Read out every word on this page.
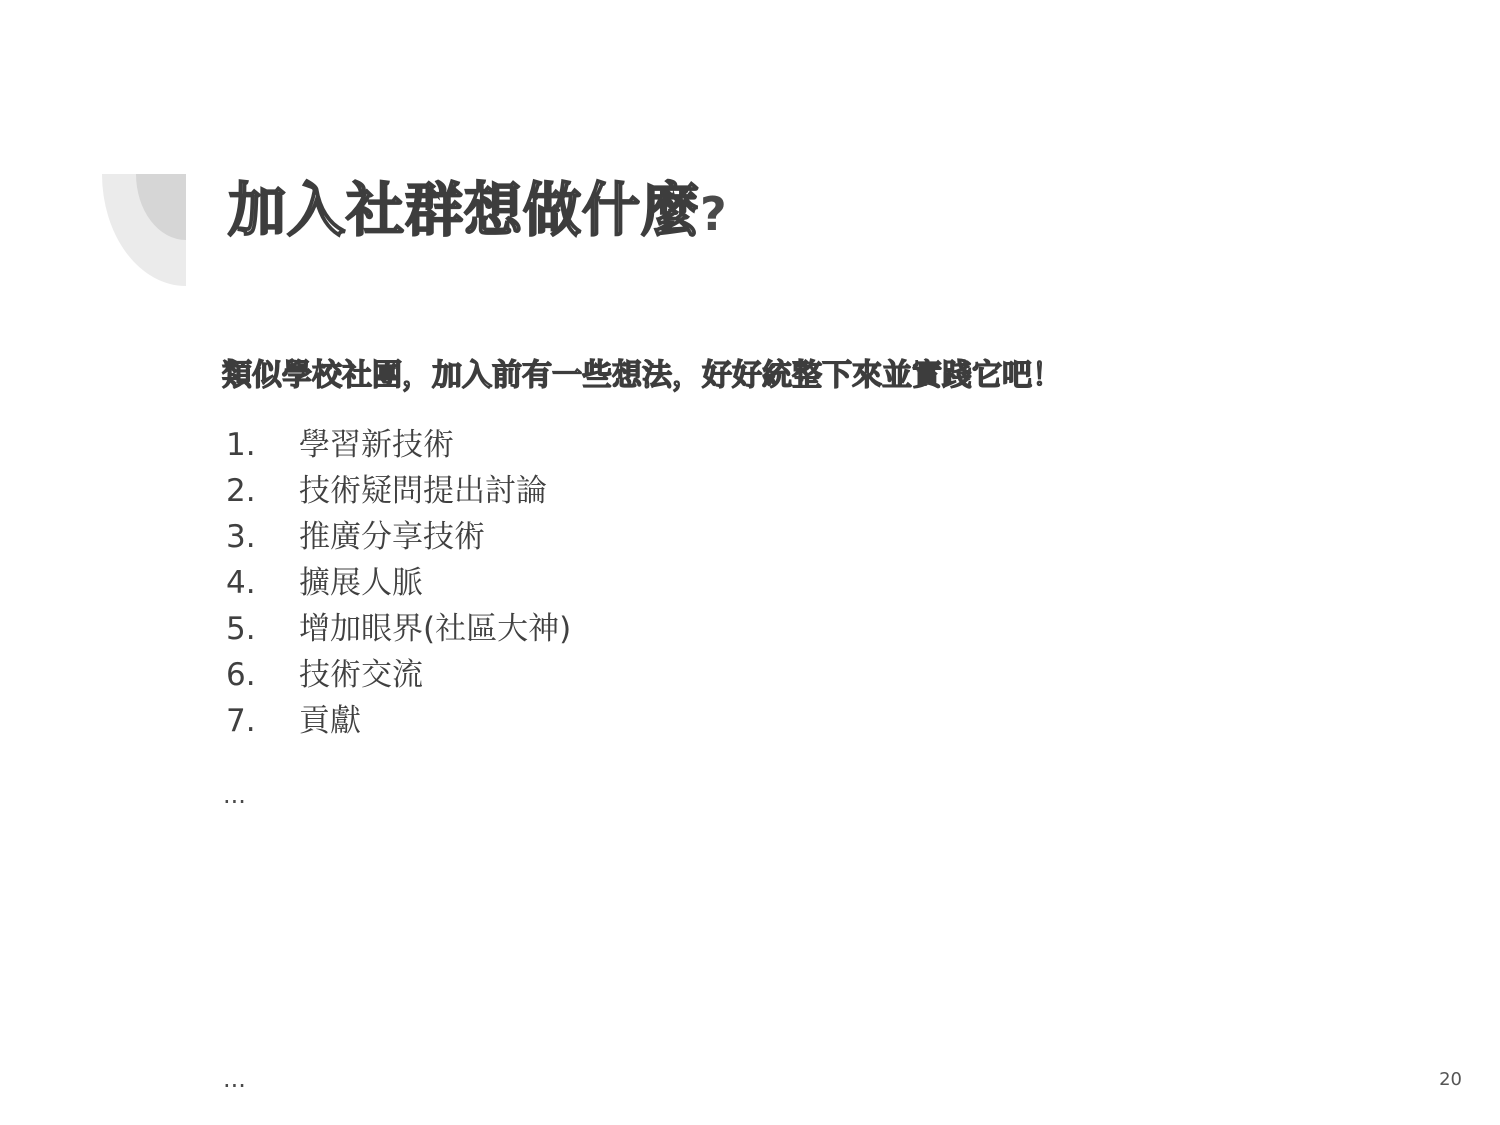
加入社群想做什麼?

類似學校社團，加入前有一些想法，好好統整下來並實踐它吧！

1. 學習新技術
2. 技術疑問提出討論
3. 推廣分享技術
4. 擴展人脈
5. 增加眼界(社區大神)
6. 技術交流
7. 貢獻
...
...	20
